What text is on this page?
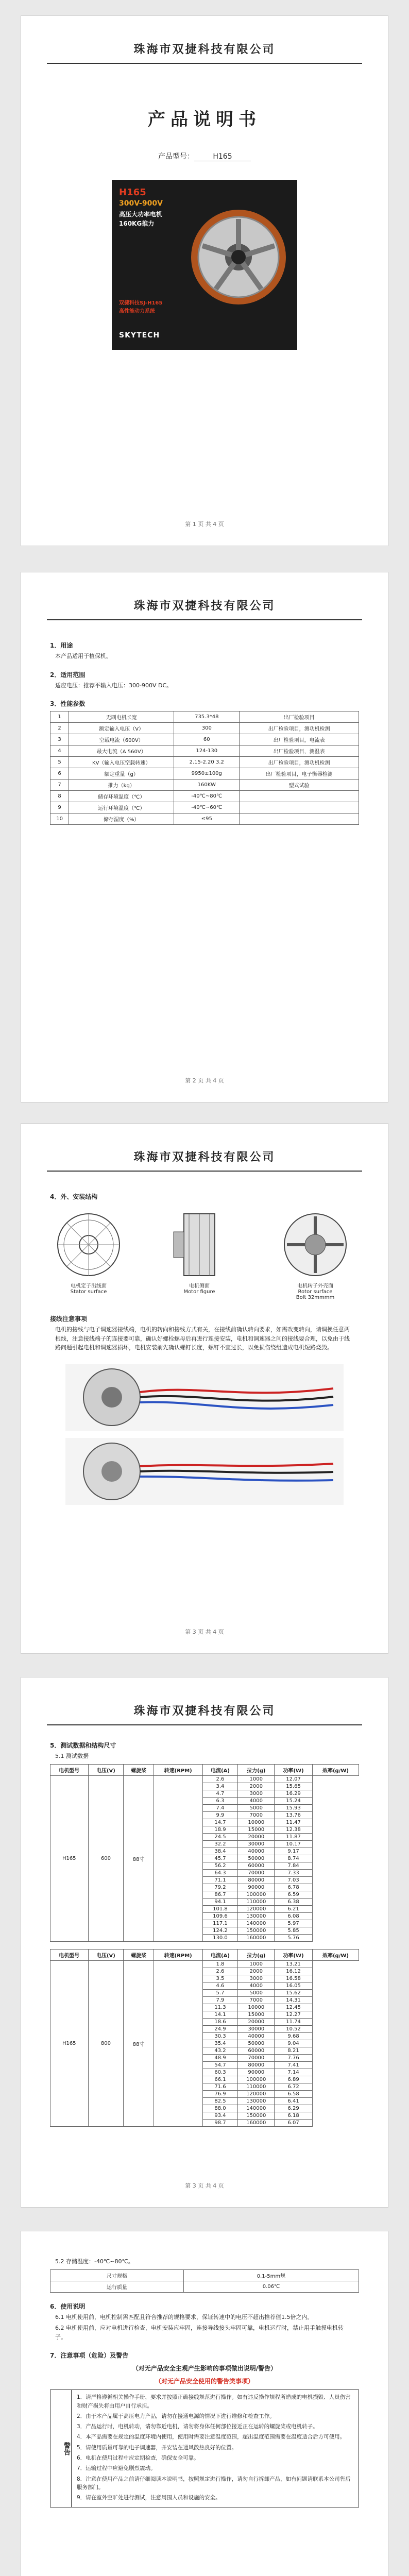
珠海市双捷科技有限公司
产品说明书
产品型号：	H165
H165
300V-900V
高压大功率电机
160KG推力
双捷科技SJ-H165
高性能动力系统
SKYTECH
第 1 页 共 4 页
珠海市双捷科技有限公司
1．用途
本产品适用于植保机。
2．适用范围
适应电压：推荐平输入电压：300-900V DC。
3．性能参数
1	无刷电机长宽	735.3*48	出厂检验项目
2	额定输入电压（V）	300	出厂检验项目，测功机检测
3	空载电流（600V）	60	出厂检验项目，电流表
4	最大电流（A 560V）	124-130	出厂检验项目，测温表
5	KV（输入电压空载转速）	2.15-2.20 3.2	出厂检验项目，测功机检测
6	额定重量（g）	9950±100g	出厂检验项目，电子衡器检测
7	推力（kg）	160KW	型式试验
8	储存环境温度（℃）	-40℃~80℃	
9	运行环境温度（℃）	-40℃~60℃	
10	储存湿度（%）	≤95	
第 2 页 共 4 页
珠海市双捷科技有限公司
4．外、安装结构
电机定子出线面
Stator surface
电机侧面
Motor figure
电机转子外壳面
Rotor surface
Bolt 32mmmm
接线注意事项
电机的接线与电子调速器接线端，电机的转向和接线方式有关，在接线前确认转向要求，如需改变转向，请调换任意两根线，注意接线端子的连接要可靠，确认好螺栓螺母后再进行连接安装，电机和调速器之间的接线要合理，以免由于线路问题引起电机和调速器损坏，电机安装前先确认螺钉长度，螺钉不宜过长，以免损伤绕组造成电机短路烧毁。
第 3 页 共 4 页
珠海市双捷科技有限公司
5．测试数据和结构尺寸
5.1 测试数据
电机型号	电压(V)	螺旋桨	转速(RPM)	电流(A)	拉力(g)	功率(W)	效率(g/W)
H165	600	88寸		2.6	1000	12.07	
				3.4	2000	15.65	
				4.7	3000	16.29	
				6.3	4000	15.24	
				7.4	5000	15.93	
				9.9	7000	13.76	
				14.7	10000	11.47	
				18.9	15000	12.38	
				24.5	20000	11.87	
				32.2	30000	10.17	
				38.4	40000	9.17	
				45.7	50000	8.74	
				56.2	60000	7.84	
				64.3	70000	7.33	
				71.1	80000	7.03	
				79.2	90000	6.78	
				86.7	100000	6.59	
				94.1	110000	6.38	
				101.8	120000	6.21	
				109.6	130000	6.08	
				117.1	140000	5.97	
				124.2	150000	5.85	
				130.0	160000	5.76	
电机型号	电压(V)	螺旋桨	转速(RPM)	电流(A)	拉力(g)	功率(W)	效率(g/W)
H165	800	88寸		1.8	1000	13.21	
				2.6	2000	16.12	
				3.5	3000	16.58	
				4.6	4000	16.05	
				5.7	5000	15.62	
				7.9	7000	14.31	
				11.3	10000	12.45	
				14.1	15000	12.27	
				18.6	20000	11.74	
				24.9	30000	10.52	
				30.3	40000	9.68	
				35.4	50000	9.04	
				43.2	60000	8.21	
				48.9	70000	7.76	
				54.7	80000	7.41	
				60.3	90000	7.14	
				66.1	100000	6.89	
				71.6	110000	6.72	
				76.9	120000	6.58	
				82.5	130000	6.41	
				88.0	140000	6.29	
				93.4	150000	6.18	
				98.7	160000	6.07	
第 3 页 共 4 页
5.2 存储温度：-40℃~80℃。
尺寸规格	0.1-5mm规
运行质量	0.06℃
6．使用说明
6.1 电机使用前，电机控制需匹配且符合推荐的规格要求，保证转速中的电压不超出推荐值1.5倍之内。
6.2 电机使用前，应对电机进行检查，电机安装应牢固，连接导线接头牢固可靠，电机运行时，禁止用手触摸电机转子。
7．注意事项（危险）及警告
（对无产品安全主观产生影响的事项做出说明/警告）
（对无产品安全使用的警告类事项）
警告
1．请严格遵循相关操作手册，要求并按照正确接线规范进行操作。如有违反操作规程所造成的电机损毁、人员伤害和财产损失将由用户自行承担。
2．由于本产品属于高压电力产品，请勿在接通电源的情况下进行维修和检查工作。
3．产品运行时，电机转动，请勿靠近电机，请勿将身体任何部位接近正在运转的螺旋桨或电机转子。
4．本产品需要在规定的温度环境内使用，使用时需要注意温度范围，超出温度范围需要在温度适合后方可使用。
5．请使用质量可靠的电子调速器，并安装在通风散热良好的位置。
6．电机在使用过程中应定期检查，确保安全可靠。
7．运输过程中应避免剧烈震动。
8．注意在使用产品之前请仔细阅读本说明书，按照规定进行操作，请勿自行拆卸产品，如有问题请联系本公司售后服务部门。
9．请在室外空旷处进行测试，注意周围人员和设施的安全。
